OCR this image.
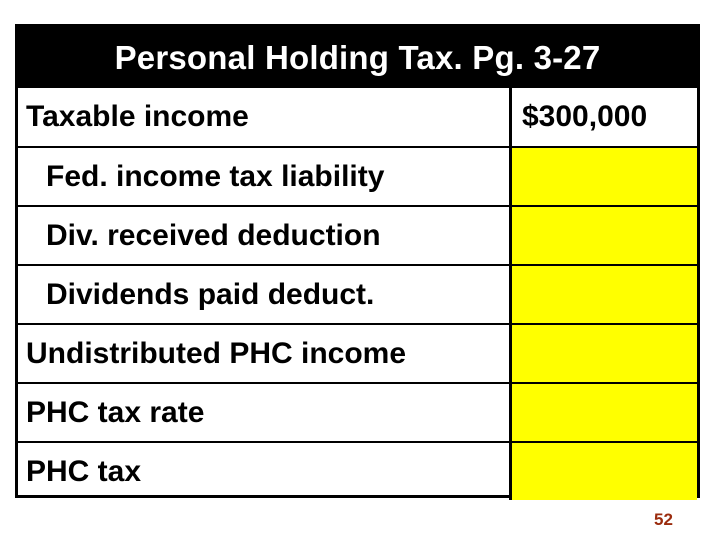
Personal Holding Tax. Pg. 3-27
Taxable income	$300,000
Fed. income tax liability
Div. received deduction
Dividends paid deduct.
Undistributed PHC income
PHC tax rate
PHC tax
52
